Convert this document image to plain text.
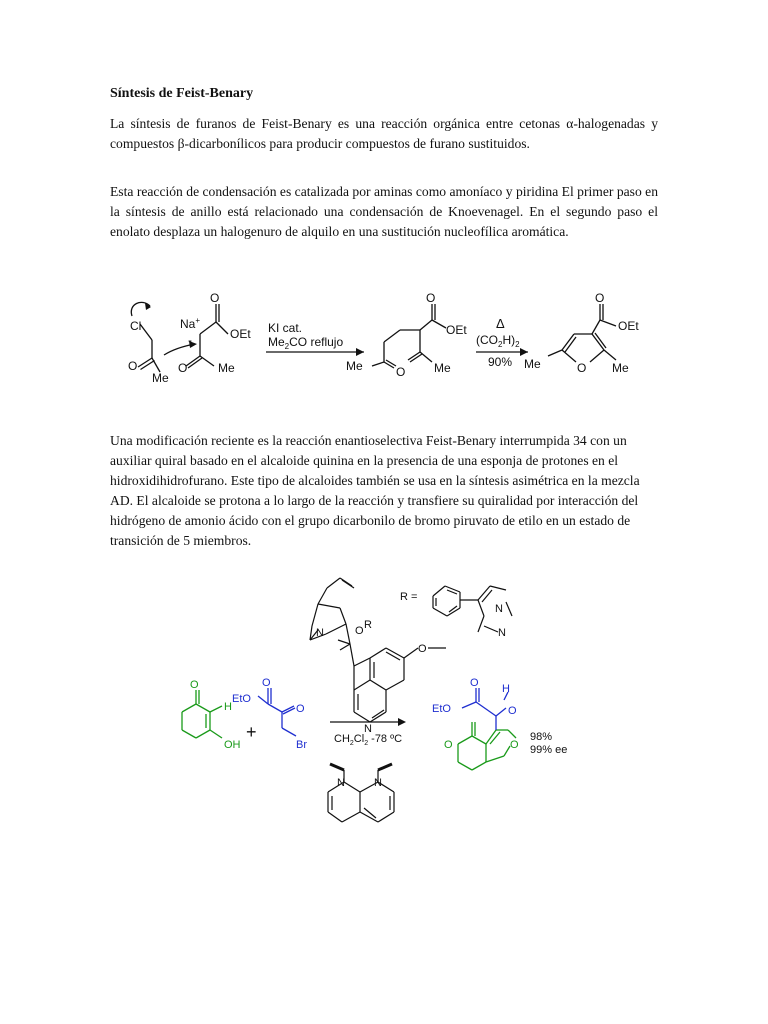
Síntesis de Feist-Benary

La síntesis de furanos de Feist-Benary es una reacción orgánica entre cetonas α-halogenadas y compuestos β-dicarbonílicos para producir compuestos de furano sustituidos.

Esta reacción de condensación es catalizada por aminas como amoníaco y piridina El primer paso en la síntesis de anillo está relacionado una condensación de Knoevenagel. En el segundo paso el enolato desplaza un halogenuro de alquilo en una sustitución nucleofílica aromática.

Una modificación reciente es la reacción enantioselectiva Feist-Benary interrumpida 34 con un auxiliar quiral basado en el alcaloide quinina en la presencia de una esponja de protones en el hidroxidihidrofurano. Este tipo de alcaloides también se usa en la síntesis asimétrica en la mezcla AD. El alcaloide se protona a lo largo de la reacción y transfiere su quiralidad por interacción del hidrógeno de amonio ácido con el grupo dicarbonilo de bromo piruvato de etilo en un estado de transición de 5 miembros.

Cl	Na+
-
O
OEt
O
Me
O	Me
KI cat.
$Me_2CO$ reflujo
O
OEt
Me	O Me
Δ
$(CO_2H)_2$
90%
O
OEt
Me	O Me
R =
N	O R
O
N
N
N
O
H
OH
EtO
O
O
Br
+	$CH_2Cl_2$ -78 ºC
N	N
EtO
O
O
H
O	O
98%
99% ee
